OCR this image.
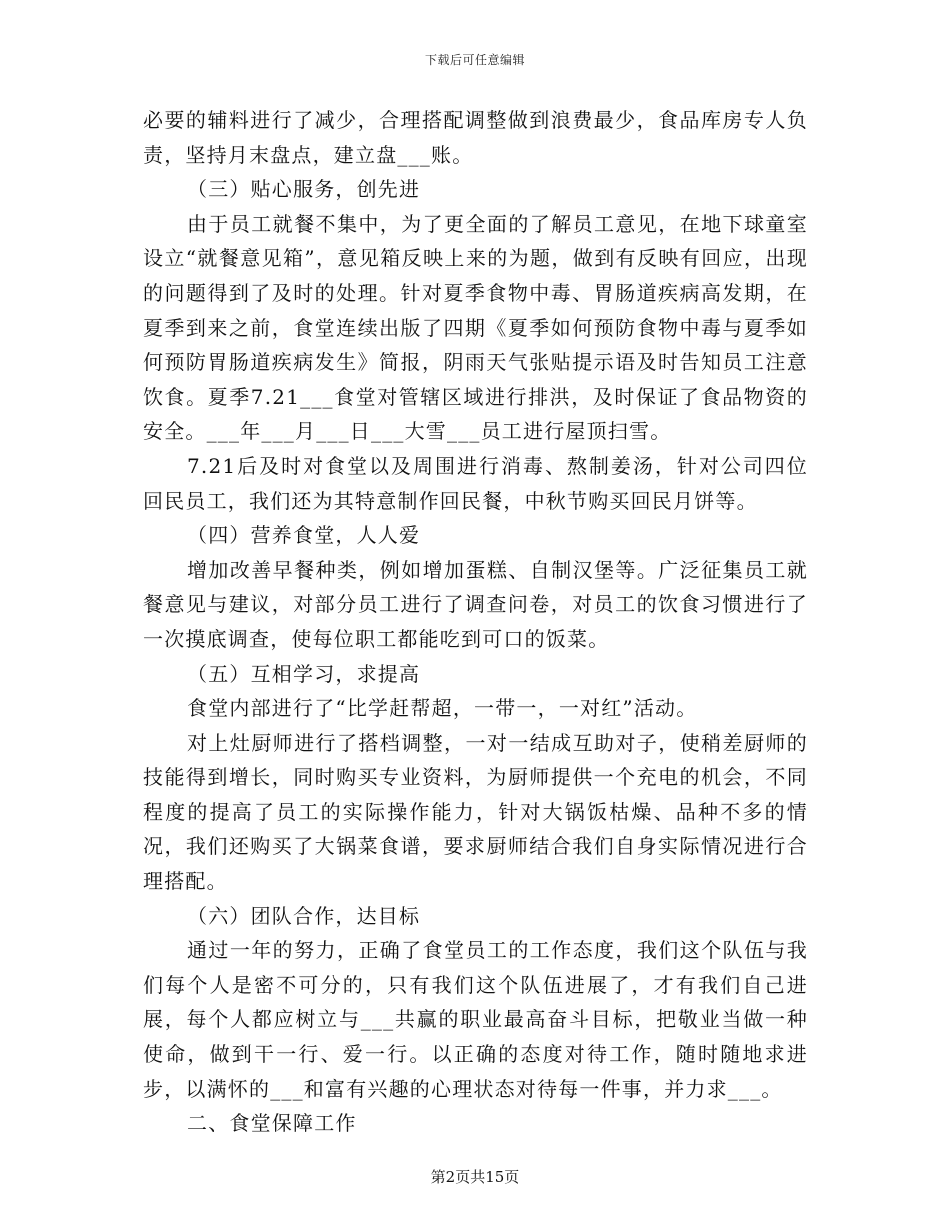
下载后可任意编辑

必要的辅料进行了减少，合理搭配调整做到浪费最少，食品库房专人负责，坚持月末盘点，建立盘___账。

（三）贴心服务，创先进

由于员工就餐不集中，为了更全面的了解员工意见，在地下球童室设立“就餐意见箱”，意见箱反映上来的为题，做到有反映有回应，出现的问题得到了及时的处理。针对夏季食物中毒、胃肠道疾病高发期，在夏季到来之前，食堂连续出版了四期《夏季如何预防食物中毒与夏季如何预防胃肠道疾病发生》简报，阴雨天气张贴提示语及时告知员工注意饮食。夏季7.21___食堂对管辖区域进行排洪，及时保证了食品物资的安全。___年___月___日___大雪___员工进行屋顶扫雪。

7.21后及时对食堂以及周围进行消毒、熬制姜汤，针对公司四位回民员工，我们还为其特意制作回民餐，中秋节购买回民月饼等。

（四）营养食堂，人人爱

增加改善早餐种类，例如增加蛋糕、自制汉堡等。广泛征集员工就餐意见与建议，对部分员工进行了调查问卷，对员工的饮食习惯进行了一次摸底调查，使每位职工都能吃到可口的饭菜。

（五）互相学习，求提高

食堂内部进行了“比学赶帮超，一带一，一对红”活动。

对上灶厨师进行了搭档调整，一对一结成互助对子，使稍差厨师的技能得到增长，同时购买专业资料，为厨师提供一个充电的机会，不同程度的提高了员工的实际操作能力，针对大锅饭枯燥、品种不多的情况，我们还购买了大锅菜食谱，要求厨师结合我们自身实际情况进行合理搭配。

（六）团队合作，达目标

通过一年的努力，正确了食堂员工的工作态度，我们这个队伍与我们每个人是密不可分的，只有我们这个队伍进展了，才有我们自己进展，每个人都应树立与___共赢的职业最高奋斗目标，把敬业当做一种使命，做到干一行、爱一行。以正确的态度对待工作，随时随地求进步，以满怀的___和富有兴趣的心理状态对待每一件事，并力求___。

二、食堂保障工作

第2页共15页
